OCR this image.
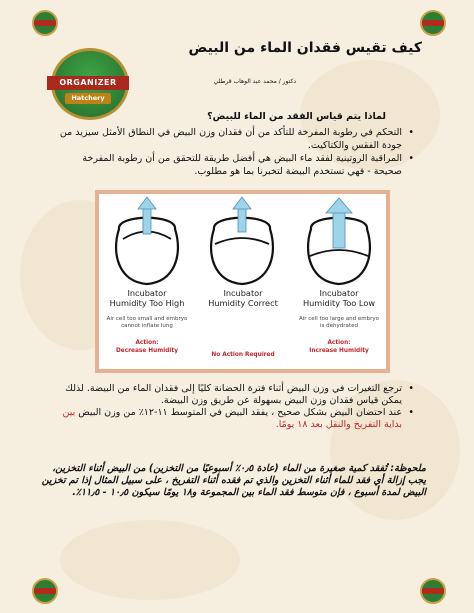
ORGANIZER
Hatchery
كيف تقيس فقدان الماء من البيض
دكتور / محمد عبد الوهاب قرطلي
لماذا يتم قياس الفقد من الماء للبيض؟
• التحكم في رطوبة المفرخة للتأكد من أن فقدان وزن البيض في النطاق الأمثل سيزيد من جودة الفقس والكتاكيت.
• المراقبة الروتينية لفقد ماء البيض هي أفضل طريقة للتحقق من أن رطوبة المفرخة صحيحة - فهي تستخدم البيضة لتخبرنا بما هو مطلوب.
Incubator
Humidity Too High
Air cell too small and embryo cannot inflate lung
Action:
Decrease Humidity
Incubator
Humidity Correct
No Action Required
Incubator
Humidity Too Low
Air cell too large and embryo is dehydrated
Action:
Increase Humidity
• ترجع التغيرات في وزن البيض أثناء فترة الحضانة كليًا إلى فقدان الماء من البيضة. لذلك يمكن قياس فقدان وزن البيض بسهولة عن طريق وزن البيضة.
• عند احتضان البيض بشكل صحيح ، يفقد البيض في المتوسط ١١-١٢٪ من وزن البيض بين بداية التفريخ والنقل بعد ١٨ يومًا.
ملحوظة: تُفقد كمية صغيرة من الماء (عادة ٠٫٥٪ أسبوعيًا من التخزين) من البيض أثناء التخزين، يجب إزالة أي فقد للماء أثناء التخزين والذي تم فقده أثناء التفريخ ، على سبيل المثال إذا تم تخزين البيض لمدة أسبوع ، فإن متوسط فقد الماء بين المجموعة و١٨ يومًا سيكون ١٠٫٥ - ١١٫٥٪.
